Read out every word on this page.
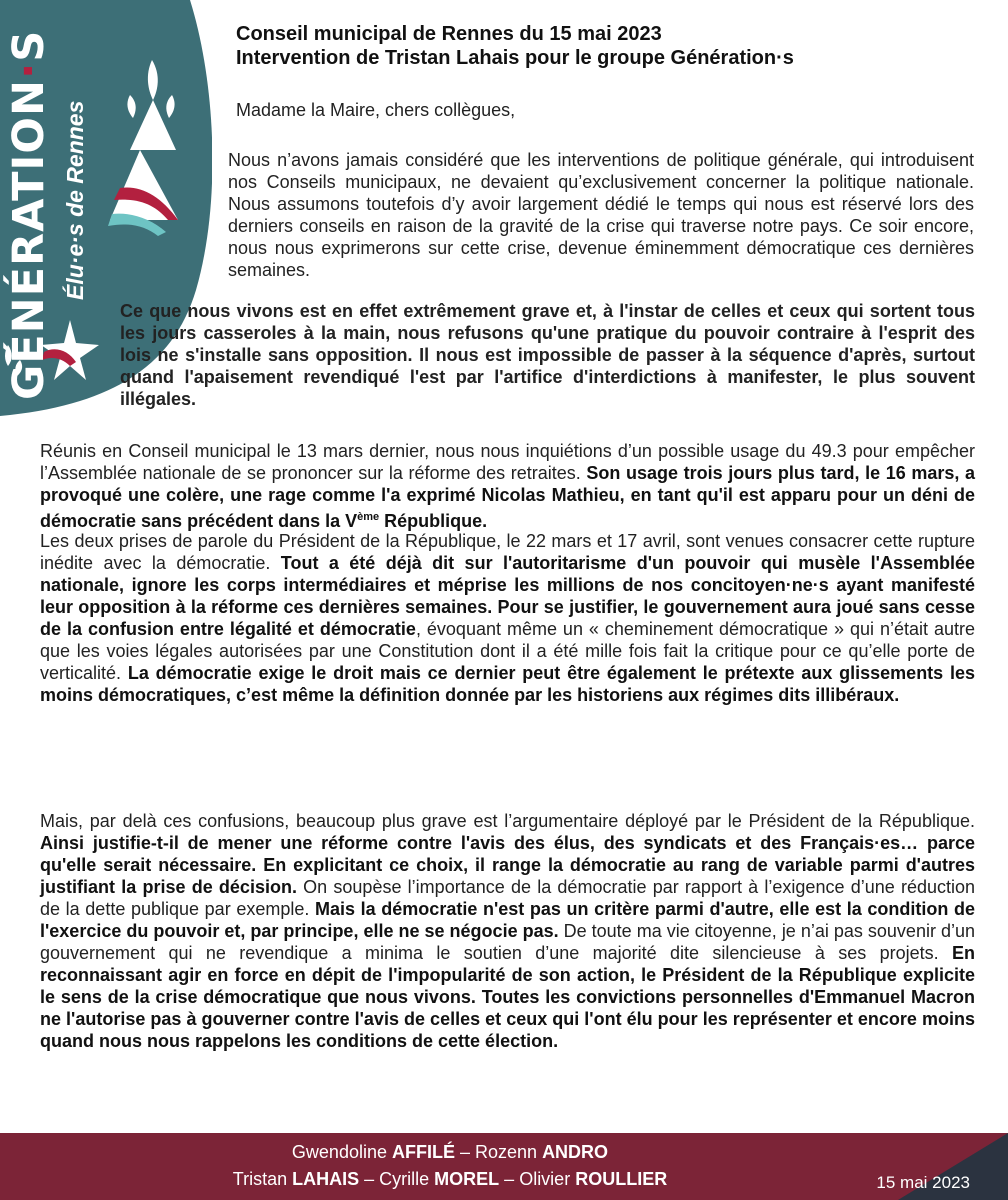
GÉNÉRATION·S
Élu·e·s de Rennes
Conseil municipal de Rennes du 15 mai 2023
Intervention de Tristan Lahais pour le groupe Génération·s
Madame la Maire, chers collègues,
Nous n’avons jamais considéré que les interventions de politique générale, qui introduisent nos Conseils municipaux, ne devaient qu’exclusivement concerner la politique nationale. Nous assumons toutefois d’y avoir largement dédié le temps qui nous est réservé lors des derniers conseils en raison de la gravité de la crise qui traverse notre pays. Ce soir encore, nous nous exprimerons sur cette crise, devenue éminemment démocratique ces dernières semaines.
Ce que nous vivons est en effet extrêmement grave et, à l'instar de celles et ceux qui sortent tous les jours casseroles à la main, nous refusons qu'une pratique du pouvoir contraire à l'esprit des lois ne s'installe sans opposition. Il nous est impossible de passer à la séquence d'après, surtout quand l'apaisement revendiqué l'est par l'artifice d'interdictions à manifester, le plus souvent illégales.
Réunis en Conseil municipal le 13 mars dernier, nous nous inquiétions d’un possible usage du 49.3 pour empêcher l’Assemblée nationale de se prononcer sur la réforme des retraites. Son usage trois jours plus tard, le 16 mars, a provoqué une colère, une rage comme l'a exprimé Nicolas Mathieu, en tant qu'il est apparu pour un déni de démocratie sans précédent dans la Vème République.
Les deux prises de parole du Président de la République, le 22 mars et 17 avril, sont venues consacrer cette rupture inédite avec la démocratie. Tout a été déjà dit sur l'autoritarisme d'un pouvoir qui musèle l'Assemblée nationale, ignore les corps intermédiaires et méprise les millions de nos concitoyen·ne·s ayant manifesté leur opposition à la réforme ces dernières semaines. Pour se justifier, le gouvernement aura joué sans cesse de la confusion entre légalité et démocratie, évoquant même un « cheminement démocratique » qui n’était autre que les voies légales autorisées par une Constitution dont il a été mille fois fait la critique pour ce qu’elle porte de verticalité. La démocratie exige le droit mais ce dernier peut être également le prétexte aux glissements les moins démocratiques, c’est même la définition donnée par les historiens aux régimes dits illibéraux.
Mais, par delà ces confusions, beaucoup plus grave est l’argumentaire déployé par le Président de la République. Ainsi justifie-t-il de mener une réforme contre l'avis des élus, des syndicats et des Français·es… parce qu'elle serait nécessaire. En explicitant ce choix, il range la démocratie au rang de variable parmi d'autres justifiant la prise de décision. On soupèse l’importance de la démocratie par rapport à l’exigence d’une réduction de la dette publique par exemple. Mais la démocratie n'est pas un critère parmi d'autre, elle est la condition de l'exercice du pouvoir et, par principe, elle ne se négocie pas. De toute ma vie citoyenne, je n’ai pas souvenir d’un gouvernement qui ne revendique a minima le soutien d’une majorité dite silencieuse à ses projets. En reconnaissant agir en force en dépit de l'impopularité de son action, le Président de la République explicite le sens de la crise démocratique que nous vivons. Toutes les convictions personnelles d'Emmanuel Macron ne l'autorise pas à gouverner contre l'avis de celles et ceux qui l'ont élu pour les représenter et encore moins quand nous nous rappelons les conditions de cette élection.
Gwendoline AFFILÉ – Rozenn ANDRO
Tristan LAHAIS – Cyrille MOREL – Olivier ROULLIER	15 mai 2023
